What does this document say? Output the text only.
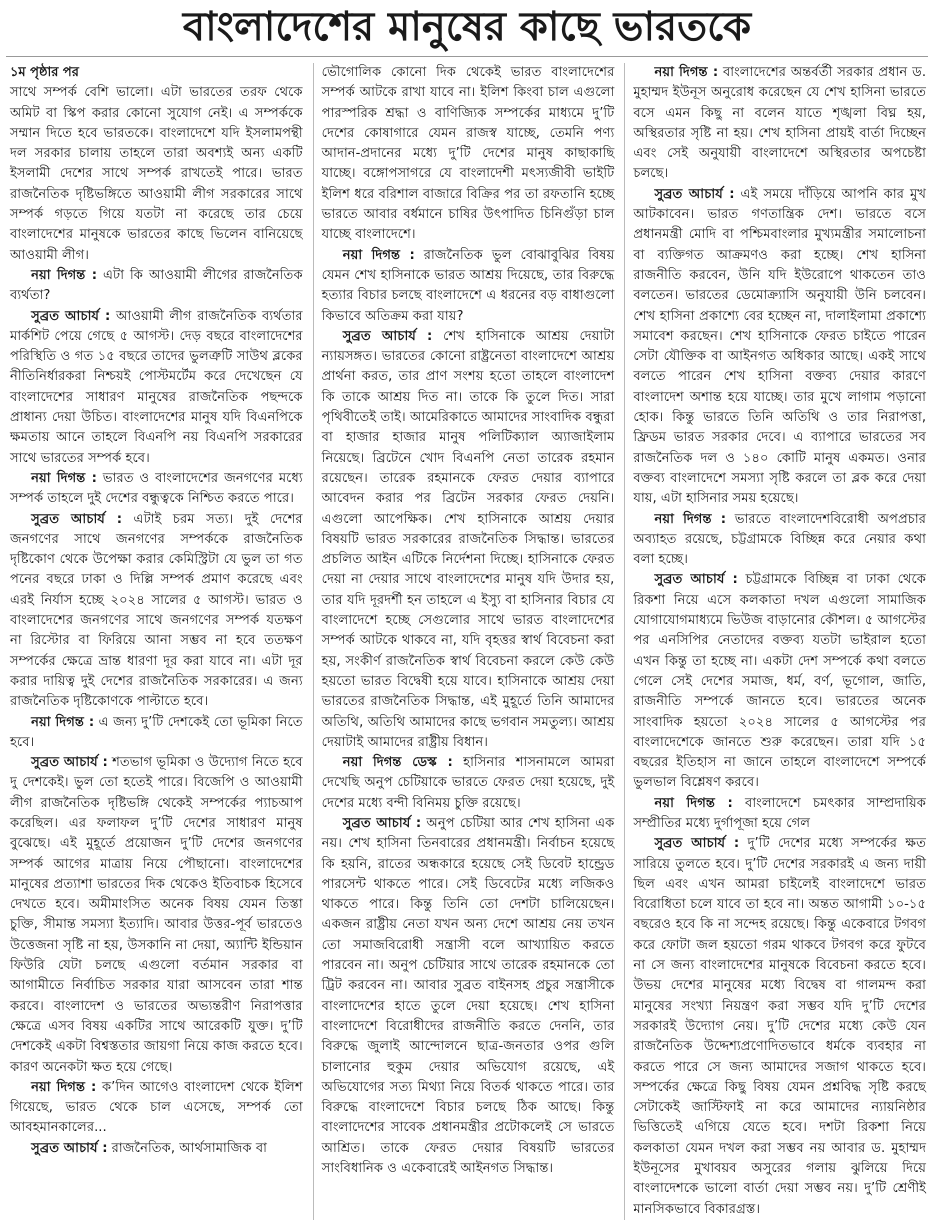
বাংলাদেশের মানুষের কাছে ভারতকে
১ম পৃষ্ঠার পর

সাথে সম্পর্ক বেশি ভালো। এটা ভারতের তরফ থেকে অমিট বা স্কিপ করার কোনো সুযোগ নেই। এ সম্পর্ককে সম্মান দিতে হবে ভারতকে। বাংলাদেশে যদি ইসলামপন্থী দল সরকার চালায় তাহলে তারা অবশ্যই অন্য একটি ইসলামী দেশের সাথে সম্পর্ক রাখতেই পারে। ভারত রাজনৈতিক দৃষ্টিভঙ্গিতে আওয়ামী লীগ সরকারের সাথে সম্পর্ক গড়তে গিয়ে যতটা না করেছে তার চেয়ে বাংলাদেশের মানুষকে ভারতের কাছে ভিলেন বানিয়েছে আওয়ামী লীগ।

নয়া দিগন্ত : এটা কি আওয়ামী লীগের রাজনৈতিক ব্যর্থতা?

সুব্রত আচার্য : আওয়ামী লীগ রাজনৈতিক ব্যর্থতার মার্কশিট পেয়ে গেছে ৫ আগস্ট। দেড় বছরে বাংলাদেশের পরিস্থিতি ও গত ১৫ বছরে তাদের ভুলত্রুটি সাউথ ব্লকের নীতিনির্ধারকরা নিশ্চয়ই পোস্টমর্টেম করে দেখেছেন যে বাংলাদেশের সাধারণ মানুষের রাজনৈতিক পছন্দকে প্রাধান্য দেয়া উচিত। বাংলাদেশের মানুষ যদি বিএনপিকে ক্ষমতায় আনে তাহলে বিএনপি নয় বিএনপি সরকারের সাথে ভারতের সম্পর্ক হবে।

নয়া দিগন্ত : ভারত ও বাংলাদেশের জনগণের মধ্যে সম্পর্ক তাহলে দুই দেশের বন্ধুত্বকে নিশ্চিত করতে পারে।

সুব্রত আচার্য : এটাই চরম সত্য। দুই দেশের জনগণের সাথে জনগণের সম্পর্ককে রাজনৈতিক দৃষ্টিকোণ থেকে উপেক্ষা করার কেমিস্ট্রিটা যে ভুল তা গত পনের বছরে ঢাকা ও দিল্লি সম্পর্ক প্রমাণ করেছে এবং এরই নির্যাস হচ্ছে ২০২৪ সালের ৫ আগস্ট। ভারত ও বাংলাদেশের জনগণের সাথে জনগণের সম্পর্ক যতক্ষণ না রিস্টোর বা ফিরিয়ে আনা সম্ভব না হবে ততক্ষণ সম্পর্কের ক্ষেত্রে ভ্রান্ত ধারণা দূর করা যাবে না। এটা দূর করার দায়িত্ব দুই দেশের রাজনৈতিক সরকারের। এ জন্য রাজনৈতিক দৃষ্টিকোণকে পাল্টাতে হবে।

নয়া দিগন্ত : এ জন্য দু’টি দেশকেই তো ভূমিকা নিতে হবে।

সুব্রত আচার্য : শতভাগ ভূমিকা ও উদ্যোগ নিতে হবে দু দেশকেই। ভুল তো হতেই পারে। বিজেপি ও আওয়ামী লীগ রাজনৈতিক দৃষ্টিভঙ্গি থেকেই সম্পর্কের প্যাচআপ করেছিল। এর ফলাফল দু’টি দেশের সাধারণ মানুষ বুঝেছে। এই মুহূর্তে প্রয়োজন দু’টি দেশের জনগণের সম্পর্ক আগের মাত্রায় নিয়ে পৌছানো। বাংলাদেশের মানুষের প্রত্যাশা ভারতের দিক থেকেও ইতিবাচক হিসেবে দেখতে হবে। অমীমাংসিত অনেক বিষয় যেমন তিস্তা চুক্তি, সীমান্ত সমস্যা ইত্যাদি। আবার উত্তর-পূর্ব ভারতেও উত্তেজনা সৃষ্টি না হয়, উসকানি না দেয়া, অ্যান্টি ইন্ডিয়ান ফিউরি যেটা চলছে এগুলো বর্তমান সরকার বা আগামীতে নির্বাচিত সরকার যারা আসবেন তারা শান্ত করবে। বাংলাদেশ ও ভারতের অভ্যন্তরীণ নিরাপত্তার ক্ষেত্রে এসব বিষয় একটির সাথে আরেকটি যুক্ত। দু’টি দেশকেই একটা বিশ্বস্ততার জায়গা নিয়ে কাজ করতে হবে। কারণ অনেকটা ক্ষত হয়ে গেছে।

নয়া দিগন্ত : ক’দিন আগেও বাংলাদেশ থেকে ইলিশ গিয়েছে, ভারত থেকে চাল এসেছে, সম্পর্ক তো আবহমানকালের...

সুব্রত আচার্য : রাজনৈতিক, আর্থসামাজিক বা

ভৌগোলিক কোনো দিক থেকেই ভারত বাংলাদেশের সম্পর্ক আটকে রাখা যাবে না। ইলিশ কিংবা চাল এগুলো পারস্পরিক শ্রদ্ধা ও বাণিজ্যিক সম্পর্কের মাধ্যমে দু’টি দেশের কোষাগারে যেমন রাজস্ব যাচ্ছে, তেমনি পণ্য আদান-প্রদানের মধ্যে দু’টি দেশের মানুষ কাছাকাছি যাচ্ছে। বঙ্গোপসাগরে যে বাংলাদেশী মৎস্যজীবী ভাইটি ইলিশ ধরে বরিশাল বাজারে বিক্রির পর তা রফতানি হচ্ছে ভারতে আবার বর্ধমানে চাষির উৎপাদিত চিনিগুঁড়া চাল যাচ্ছে বাংলাদেশে।

নয়া দিগন্ত : রাজনৈতিক ভুল বোঝাবুঝির বিষয় যেমন শেখ হাসিনাকে ভারত আশ্রয় দিয়েছে, তার বিরুদ্ধে হত্যার বিচার চলছে বাংলাদেশে এ ধরনের বড় বাধাগুলো কিভাবে অতিক্রম করা যায়?

সুব্রত আচার্য : শেখ হাসিনাকে আশ্রয় দেয়াটা ন্যায়সঙ্গত। ভারতের কোনো রাষ্ট্রনেতা বাংলাদেশে আশ্রয় প্রার্থনা করত, তার প্রাণ সংশয় হতো তাহলে বাংলাদেশ কি তাকে আশ্রয় দিত না। তাকে কি তুলে দিত। সারা পৃথিবীতেই তাই। আমেরিকাতে আমাদের সাংবাদিক বন্ধুরা বা হাজার হাজার মানুষ পলিটিক্যাল অ্যাজাইলাম নিয়েছে। ব্রিটেনে খোদ বিএনপি নেতা তারেক রহমান রয়েছেন। তারেক রহমানকে ফেরত দেয়ার ব্যাপারে আবেদন করার পর ব্রিটেন সরকার ফেরত দেয়নি। এগুলো আপেক্ষিক। শেখ হাসিনাকে আশ্রয় দেয়ার বিষয়টি ভারত সরকারের রাজনৈতিক সিদ্ধান্ত। ভারতের প্রচলিত আইন এটিকে নির্দেশনা দিচ্ছে। হাসিনাকে ফেরত দেয়া না দেয়ার সাথে বাংলাদেশের মানুষ যদি উদার হয়, তার যদি দূরদর্শী হন তাহলে এ ইস্যু বা হাসিনার বিচার যে বাংলাদেশে হচ্ছে সেগুলোর সাথে ভারত বাংলাদেশের সম্পর্ক আটকে থাকবে না, যদি বৃহত্তর স্বার্থ বিবেচনা করা হয়, সংকীর্ণ রাজনৈতিক স্বার্থ বিবেচনা করলে কেউ কেউ হয়তো ভারত বিদ্বেষী হয়ে যাবে। হাসিনাকে আশ্রয় দেয়া ভারতের রাজনৈতিক সিদ্ধান্ত, এই মুহূর্তে তিনি আমাদের অতিথি, অতিথি আমাদের কাছে ভগবান সমতুল্য। আশ্রয় দেয়াটাই আমাদের রাষ্ট্রীয় বিধান।

নয়া দিগন্ত ডেস্ক : হাসিনার শাসনামলে আমরা দেখেছি অনুপ চেটিয়াকে ভারতে ফেরত দেয়া হয়েছে, দুই দেশের মধ্যে বন্দী বিনিময় চুক্তি রয়েছে।

সুব্রত আচার্য : অনুপ চেটিয়া আর শেখ হাসিনা এক নয়। শেখ হাসিনা তিনবারের প্রধানমন্ত্রী। নির্বাচন হয়েছে কি হয়নি, রাতের অন্ধকারে হয়েছে সেই ডিবেট হান্ড্রেড পারসেন্ট থাকতে পারে। সেই ডিবেটের মধ্যে লজিকও থাকতে পারে। কিন্তু তিনি তো দেশটা চালিয়েছেন। একজন রাষ্ট্রীয় নেতা যখন অন্য দেশে আশ্রয় নেয় তখন তো সমাজবিরোধী সন্ত্রাসী বলে আখ্যায়িত করতে পারবেন না। অনুপ চেটিয়ার সাথে তারেক রহমানকে তো ট্রিট করবেন না। আবার সুব্রত বাইনসহ প্রচুর সন্ত্রাসীকে বাংলাদেশের হাতে তুলে দেয়া হয়েছে। শেখ হাসিনা বাংলাদেশে বিরোধীদের রাজনীতি করতে দেননি, তার বিরুদ্ধে জুলাই আন্দোলনে ছাত্র-জনতার ওপর গুলি চালানোর হুকুম দেয়ার অভিযোগ রয়েছে, এই অভিযোগের সত্য মিথ্যা নিয়ে বিতর্ক থাকতে পারে। তার বিরুদ্ধে বাংলাদেশে বিচার চলছে ঠিক আছে। কিন্তু বাংলাদেশের সাবেক প্রধানমন্ত্রীর প্রটোকলেই সে ভারতে আশ্রিত। তাকে ফেরত দেয়ার বিষয়টি ভারতের সাংবিধানিক ও একেবারেই আইনগত সিদ্ধান্ত।

নয়া দিগন্ত : বাংলাদেশের অন্তর্বর্তী সরকার প্রধান ড. মুহাম্মদ ইউনূস অনুরোধ করেছেন যে শেখ হাসিনা ভারতে বসে এমন কিছু না বলেন যাতে শৃঙ্খলা বিঘ্ন হয়, অস্থিরতার সৃষ্টি না হয়। শেখ হাসিনা প্রায়ই বার্তা দিচ্ছেন এবং সেই অনুযায়ী বাংলাদেশে অস্থিরতার অপচেষ্টা চলছে।

সুব্রত আচার্য : এই সময়ে দাঁড়িয়ে আপনি কার মুখ আটকাবেন। ভারত গণতান্ত্রিক দেশ। ভারতে বসে প্রধানমন্ত্রী মোদি বা পশ্চিমবাংলার মুখ্যমন্ত্রীর সমালোচনা বা ব্যক্তিগত আক্রমণও করা হচ্ছে। শেখ হাসিনা রাজনীতি করবেন, উনি যদি ইউরোপে থাকতেন তাও বলতেন। ভারতের ডেমোক্র্যাসি অনুযায়ী উনি চলবেন। শেখ হাসিনা প্রকাশ্যে বের হচ্ছেন না, দালাইলামা প্রকাশ্যে সমাবেশ করছেন। শেখ হাসিনাকে ফেরত চাইতে পারেন সেটা যৌক্তিক বা আইনগত অধিকার আছে। একই সাথে বলতে পারেন শেখ হাসিনা বক্তব্য দেয়ার কারণে বাংলাদেশ অশান্ত হয়ে যাচ্ছে। তার মুখে লাগাম পড়ানো হোক। কিন্তু ভারতে তিনি অতিথি ও তার নিরাপত্তা, ফ্রিডম ভারত সরকার দেবে। এ ব্যাপারে ভারতের সব রাজনৈতিক দল ও ১৪০ কোটি মানুষ একমত। ওনার বক্তব্য বাংলাদেশে সমস্যা সৃষ্টি করলে তা ব্লক করে দেয়া যায়, এটা হাসিনার সময় হয়েছে।

নয়া দিগন্ত : ভারতে বাংলাদেশবিরোধী অপপ্রচার অব্যাহত রয়েছে, চট্টগ্রামকে বিচ্ছিন্ন করে নেয়ার কথা বলা হচ্ছে।

সুব্রত আচার্য : চট্টগ্রামকে বিচ্ছিন্ন বা ঢাকা থেকে রিকশা নিয়ে এসে কলকাতা দখল এগুলো সামাজিক যোগাযোগমাধ্যমে ভিউজ বাড়ানোর কৌশল। ৫ আগস্টের পর এনসিপির নেতাদের বক্তব্য যতটা ভাইরাল হতো এখন কিন্তু তা হচ্ছে না। একটা দেশ সম্পর্কে কথা বলতে গেলে সেই দেশের সমাজ, ধর্ম, বর্ণ, ভূগোল, জাতি, রাজনীতি সম্পর্কে জানতে হবে। ভারতের অনেক সাংবাদিক হয়তো ২০২৪ সালের ৫ আগস্টের পর বাংলাদেশেকে জানতে শুরু করেছেন। তারা যদি ১৫ বছরের ইতিহাস না জানে তাহলে বাংলাদেশে সম্পর্কে ভুলভাল বিশ্লেষণ করবে।

নয়া দিগন্ত : বাংলাদেশে চমৎকার সাম্প্রদায়িক সম্প্রীতির মধ্যে দুর্গাপূজা হয়ে গেল

সুব্রত আচার্য : দু’টি দেশের মধ্যে সম্পর্কের ক্ষত সারিয়ে তুলতে হবে। দু’টি দেশের সরকারই এ জন্য দায়ী ছিল এবং এখন আমরা চাইলেই বাংলাদেশে ভারত বিরোধিতা চলে যাবে তা হবে না। অন্তত আগামী ১০-১৫ বছরেও হবে কি না সন্দেহ রয়েছে। কিন্তু একেবারে টগবগ করে ফোটা জল হয়তো গরম থাকবে টগবগ করে ফুটবে না সে জন্য বাংলাদেশের মানুষকে বিবেচনা করতে হবে। উভয় দেশের মানুষের মধ্যে বিদ্বেষ বা গালমন্দ করা মানুষের সংখ্যা নিয়ন্ত্রণ করা সম্ভব যদি দু’টি দেশের সরকারই উদ্যোগ নেয়। দু’টি দেশের মধ্যে কেউ যেন রাজনৈতিক উদ্দেশ্যপ্রণোদিতভাবে ধর্মকে ব্যবহার না করতে পারে সে জন্য আমাদের সজাগ থাকতে হবে। সম্পর্কের ক্ষেত্রে কিছু বিষয় যেমন প্রশ্নবিদ্ধ সৃষ্টি করছে সেটাকেই জাস্টিফাই না করে আমাদের ন্যায়নিষ্ঠার ভিত্তিতেই এগিয়ে যেতে হবে। দশটা রিকশা নিয়ে কলকাতা যেমন দখল করা সম্ভব নয় আবার ড. মুহাম্মদ ইউনূসের মুখাবয়ব অসুরের গলায় ঝুলিয়ে দিয়ে বাংলাদেশকে ভালো বার্তা দেয়া সম্ভব নয়। দু’টি শ্রেণীই মানসিকভাবে বিকারগ্রস্ত।
